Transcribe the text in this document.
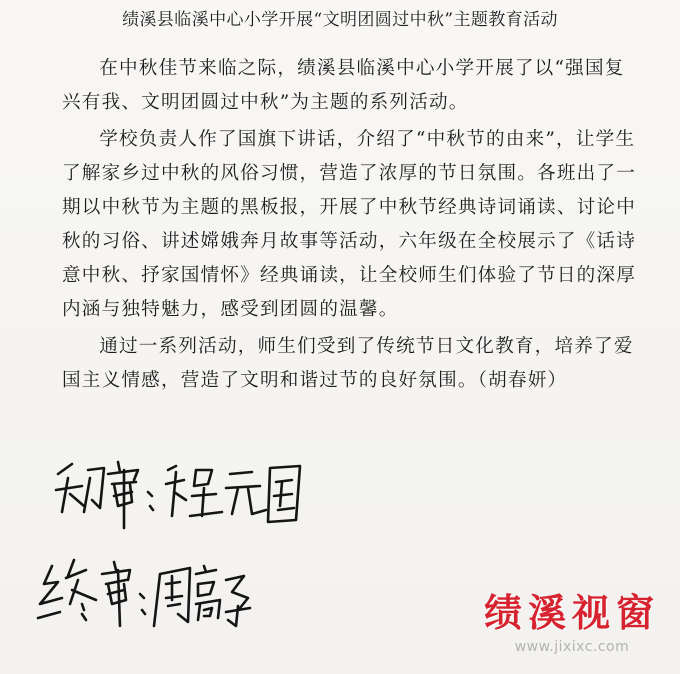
绩溪县临溪中心小学开展“文明团圆过中秋”主题教育活动

在中秋佳节来临之际，绩溪县临溪中心小学开展了以“强国复兴有我、文明团圆过中秋”为主题的系列活动。

学校负责人作了国旗下讲话，介绍了“中秋节的由来”，让学生了解家乡过中秋的风俗习惯，营造了浓厚的节日氛围。各班出了一期以中秋节为主题的黑板报，开展了中秋节经典诗词诵读、讨论中秋的习俗、讲述嫦娥奔月故事等活动，六年级在全校展示了《话诗意中秋、抒家国情怀》经典诵读，让全校师生们体验了节日的深厚内涵与独特魅力，感受到团圆的温馨。

通过一系列活动，师生们受到了传统节日文化教育，培养了爱国主义情感，营造了文明和谐过节的良好氛围。（胡春妍）

绩溪视窗
www.jixixc.com
